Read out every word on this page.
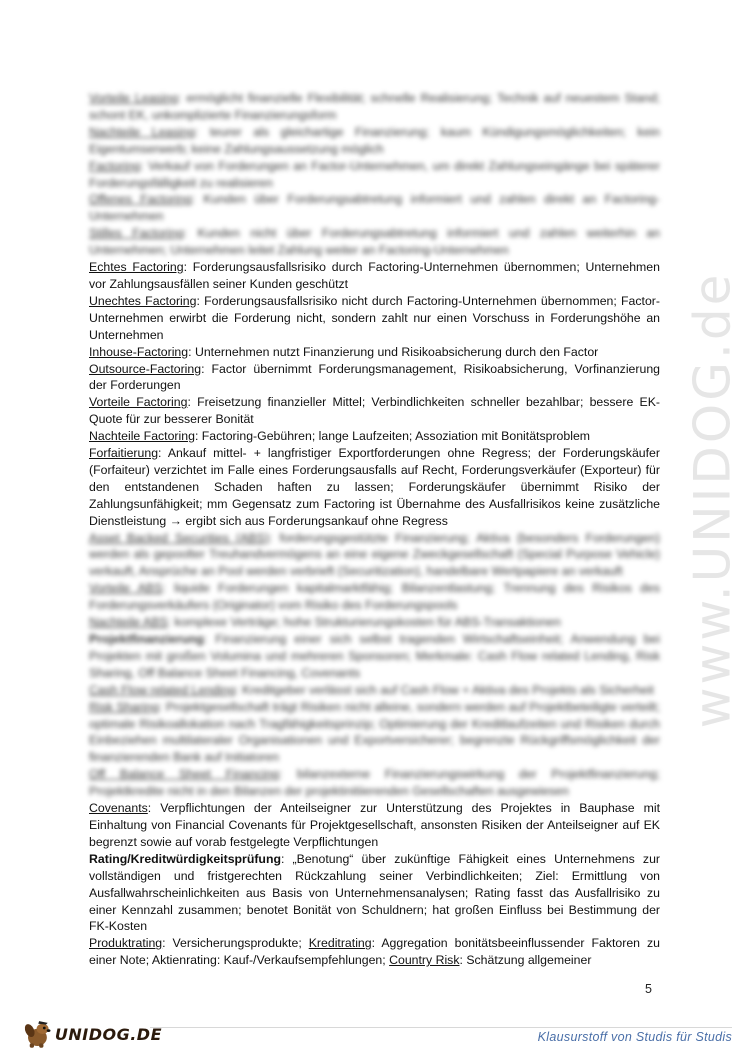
www.UNIDOG.de

Vorteile Leasing: ermöglicht finanzielle Flexibilität; schnelle Realisierung; Technik auf neuestem Stand; schont EK, unkomplizierte Finanzierungsform

Nachteile Leasing: teurer als gleichartige Finanzierung; kaum Kündigungsmöglichkeiten; kein Eigentumserwerb; keine Zahlungsaussetzung möglich

Factoring: Verkauf von Forderungen an Factor-Unternehmen, um direkt Zahlungseingänge bei späterer Forderungsfälligkeit zu realisieren

Offenes Factoring: Kunden über Forderungsabtretung informiert und zahlen direkt an Factoring-Unternehmen

Stilles Factoring: Kunden nicht über Forderungsabtretung informiert und zahlen weiterhin an Unternehmen; Unternehmen leitet Zahlung weiter an Factoring-Unternehmen

Echtes Factoring: Forderungsausfallsrisiko durch Factoring-Unternehmen übernommen; Unternehmen vor Zahlungsausfällen seiner Kunden geschützt

Unechtes Factoring: Forderungsausfallsrisiko nicht durch Factoring-Unternehmen übernommen; Factor-Unternehmen erwirbt die Forderung nicht, sondern zahlt nur einen Vorschuss in Forderungshöhe an Unternehmen

Inhouse-Factoring: Unternehmen nutzt Finanzierung und Risikoabsicherung durch den Factor

Outsource-Factoring: Factor übernimmt Forderungsmanagement, Risikoabsicherung, Vorfinanzierung der Forderungen

Vorteile Factoring: Freisetzung finanzieller Mittel; Verbindlichkeiten schneller bezahlbar; bessere EK-Quote für zur besserer Bonität

Nachteile Factoring: Factoring-Gebühren; lange Laufzeiten; Assoziation mit Bonitätsproblem

Forfaitierung: Ankauf mittel- + langfristiger Exportforderungen ohne Regress; der Forderungskäufer (Forfaiteur) verzichtet im Falle eines Forderungsausfalls auf Recht, Forderungsverkäufer (Exporteur) für den entstandenen Schaden haften zu lassen; Forderungskäufer übernimmt Risiko der Zahlungsunfähigkeit; mm Gegensatz zum Factoring ist Übernahme des Ausfallrisikos keine zusätzliche Dienstleistung → ergibt sich aus Forderungsankauf ohne Regress

Asset Backed Securities (ABS): forderungsgestützte Finanzierung; Aktiva (besonders Forderungen) werden als gepoolter Treuhandvermögens an eine eigene Zweckgesellschaft (Special Purpose Vehicle) verkauft, Ansprüche an Pool werden verbrieft (Securitization), handelbare Wertpapiere an verkauft

Vorteile ABS: liquide Forderungen kapitalmarktfähig; Bilanzentlastung; Trennung des Risikos des Forderungsverkäufers (Originator) vom Risiko des Forderungspools

Nachteile ABS: komplexe Verträge; hohe Strukturierungskosten für ABS-Transaktionen

Projektfinanzierung: Finanzierung einer sich selbst tragenden Wirtschaftseinheit; Anwendung bei Projekten mit großen Volumina und mehreren Sponsoren; Merkmale: Cash Flow related Lending, Risk Sharing, Off Balance Sheet Financing, Covenants

Cash Flow related Lending: Kreditgeber verlässt sich auf Cash Flow + Aktiva des Projekts als Sicherheit

Risk Sharing: Projektgesellschaft trägt Risiken nicht alleine, sondern werden auf Projektbeteiligte verteilt; optimale Risikoallokation nach Tragfähigkeitsprinzip; Optimierung der Kreditlaufzeiten und Risiken durch Einbeziehen multilateraler Organisationen und Exportversicherer; begrenzte Rückgriffsmöglichkeit der finanzierenden Bank auf Initiatoren

Off Balance Sheet Financing: bilanzexterne Finanzierungswirkung der Projektfinanzierung; Projektkredite nicht in den Bilanzen der projektinitiierenden Gesellschaften ausgewiesen

Covenants: Verpflichtungen der Anteilseigner zur Unterstützung des Projektes in Bauphase mit Einhaltung von Financial Covenants für Projektgesellschaft, ansonsten Risiken der Anteilseigner auf EK begrenzt sowie auf vorab festgelegte Verpflichtungen

Rating/Kreditwürdigkeitsprüfung: „Benotung“ über zukünftige Fähigkeit eines Unternehmens zur vollständigen und fristgerechten Rückzahlung seiner Verbindlichkeiten; Ziel: Ermittlung von Ausfallwahrscheinlichkeiten aus Basis von Unternehmensanalysen; Rating fasst das Ausfallrisiko zu einer Kennzahl zusammen; benotet Bonität von Schuldnern; hat großen Einfluss bei Bestimmung der FK-Kosten

Produktrating: Versicherungsprodukte; Kreditrating: Aggregation bonitätsbeeinflussender Faktoren zu einer Note; Aktienrating: Kauf-/Verkaufsempfehlungen; Country Risk: Schätzung allgemeiner

5
UNIDOG.DE	Klausurstoff von Studis für Studis
